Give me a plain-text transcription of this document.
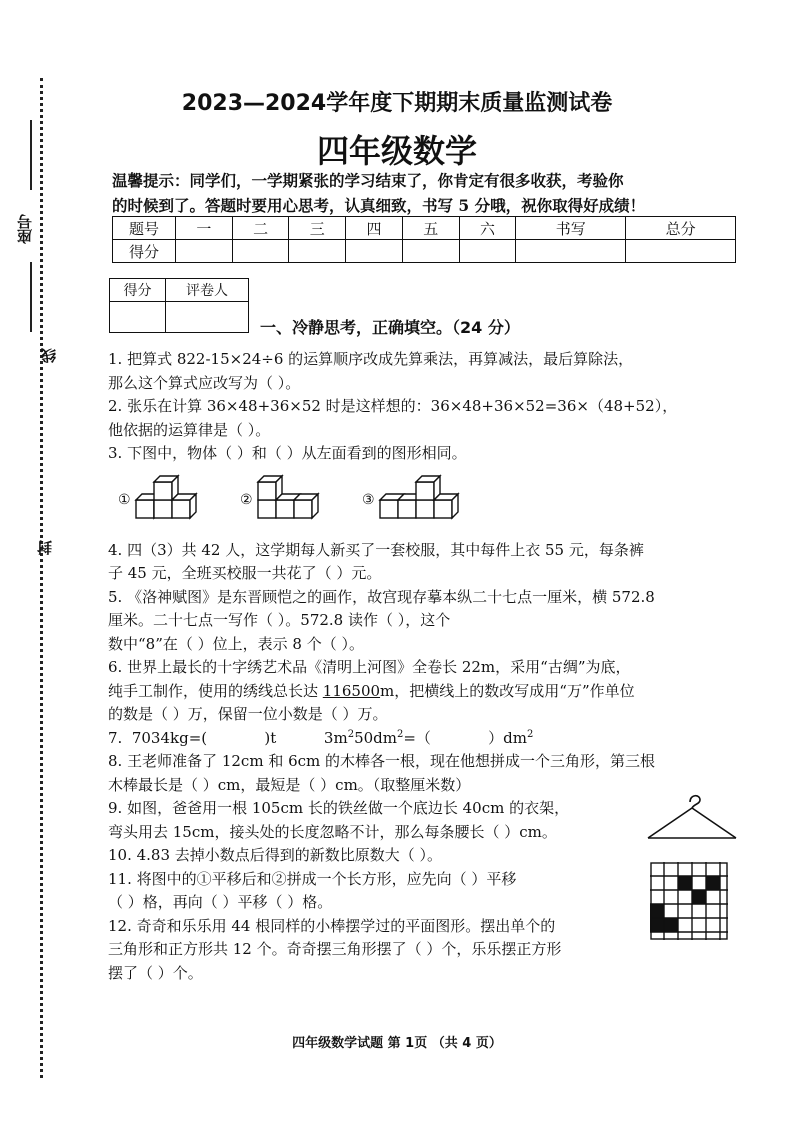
座号
线
封
2023—2024学年度下期期末质量监测试卷
四年级数学
温馨提示：同学们，一学期紧张的学习结束了，你肯定有很多收获，考验你
的时候到了。答题时要用心思考，认真细致，书写 5 分哦，祝你取得好成绩！
题号	一	二	三	四	五	六	书写	总分
得分								
得分	评卷人

一、冷静思考，正确填空。（24 分）

1. 把算式 822-15×24÷6 的运算顺序改成先算乘法，再算减法，最后算除法，

那么这个算式应改写为（ ）。

2. 张乐在计算 36×48+36×52 时是这样想的：36×48+36×52=36×（48+52），

他依据的运算律是（ ）。

3. 下图中，物体（ ）和（ ）从左面看到的图形相同。

4. 四（3）共 42 人，这学期每人新买了一套校服，其中每件上衣 55 元，每条裤

子 45 元，全班买校服一共花了（ ）元。

5. 《洛神赋图》是东晋顾恺之的画作，故宫现存摹本纵二十七点一厘米，横 572.8

厘米。二十七点一写作（ ）。572.8 读作（ ），这个

数中“8”在（ ）位上，表示 8 个（ ）。

6. 世界上最长的十字绣艺术品《清明上河图》全卷长 22m，采用“古绸”为底，

纯手工制作，使用的绣线总长达 116500m，把横线上的数改写成用“万”作单位

的数是（ ）万，保留一位小数是（ ）万。

7.  7034kg=(            )t          $3m^250dm^2=$（            ）$dm^2$

8. 王老师准备了 12cm 和 6cm 的木棒各一根，现在他想拼成一个三角形，第三根

木棒最长是（ ）cm，最短是（ ）cm。（取整厘米数）

9. 如图，爸爸用一根 105cm 长的铁丝做一个底边长 40cm 的衣架，

弯头用去 15cm，接头处的长度忽略不计，那么每条腰长（ ）cm。

10. 4.83 去掉小数点后得到的新数比原数大（ ）。

11. 将图中的①平移后和②拼成一个长方形，应先向（ ）平移

（ ）格，再向（ ）平移（ ）格。

12. 奇奇和乐乐用 44 根同样的小棒摆学过的平面图形。摆出单个的

三角形和正方形共 12 个。奇奇摆三角形摆了（ ）个，乐乐摆正方形

摆了（ ）个。

①	②	③
四年级数学试题 第 1页 （共 4 页）
